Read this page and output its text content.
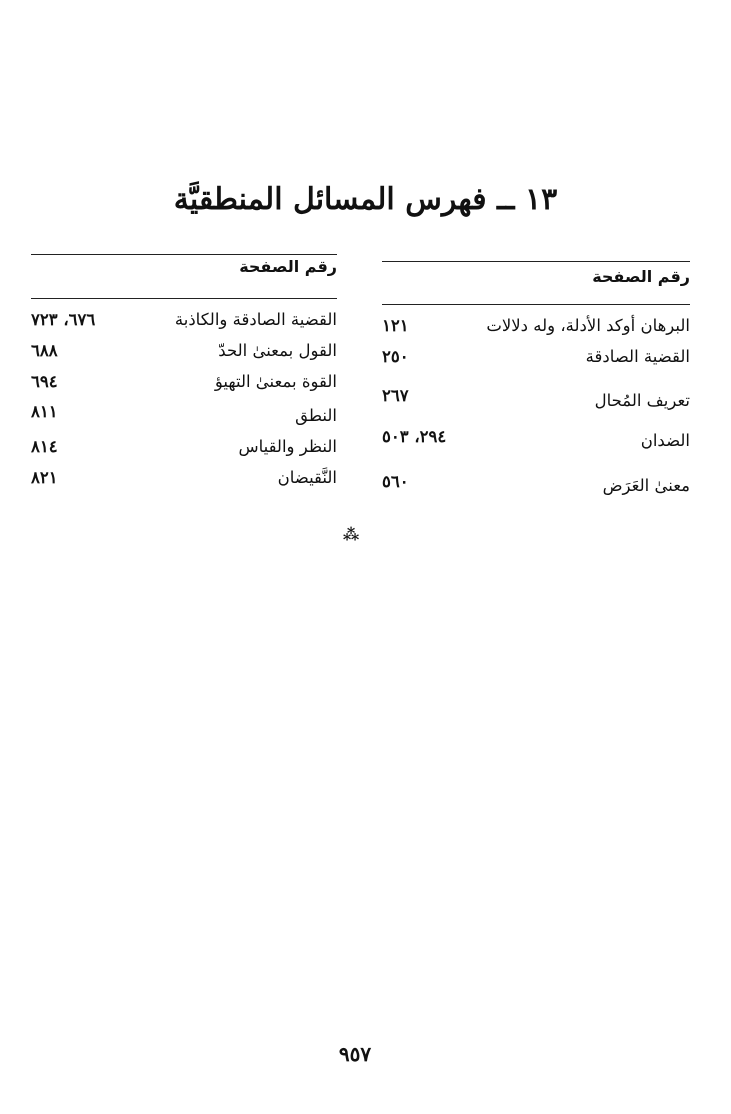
١٣ ــ فهرس المسائل المنطقيَّة
رقم الصفحة
البرهان أوكد الأدلة، وله دلالات
١٢١
القضية الصادقة
٢٥٠
تعريف المُحال
٢٦٧
الضدان
٢٩٤، ٥٠٣
معنىٰ العَرَض
٥٦٠
رقم الصفحة
القضية الصادقة والكاذبة
٦٧٦، ٧٢٣
القول بمعنىٰ الحدّ
٦٨٨
القوة بمعنىٰ التهيؤ
٦٩٤
النطق
٨١١
النظر والقياس
٨١٤
النَّقيضان
٨٢١
⁂
٩٥٧
